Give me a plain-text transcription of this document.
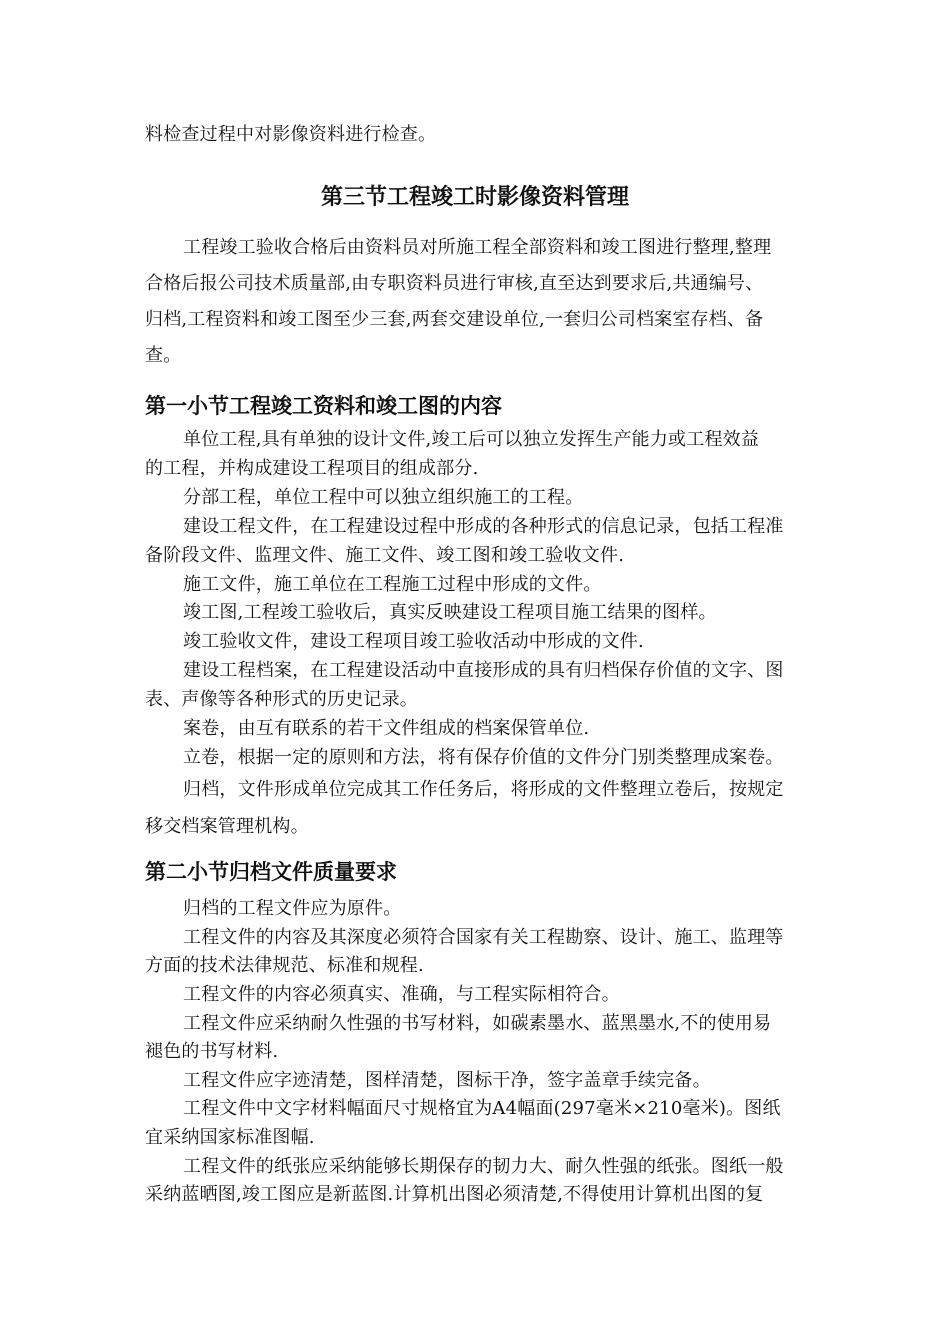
料检查过程中对影像资料进行检查。
第三节工程竣工时影像资料管理
工程竣工验收合格后由资料员对所施工程全部资料和竣工图进行整理,整理
合格后报公司技术质量部,由专职资料员进行审核,直至达到要求后,共通编号、
归档,工程资料和竣工图至少三套,两套交建设单位,一套归公司档案室存档、备
查。
第一小节工程竣工资料和竣工图的内容
单位工程,具有单独的设计文件,竣工后可以独立发挥生产能力或工程效益
的工程，并构成建设工程项目的组成部分.
分部工程，单位工程中可以独立组织施工的工程。
建设工程文件，在工程建设过程中形成的各种形式的信息记录，包括工程准
备阶段文件、监理文件、施工文件、竣工图和竣工验收文件.
施工文件，施工单位在工程施工过程中形成的文件。
竣工图,工程竣工验收后，真实反映建设工程项目施工结果的图样。
竣工验收文件，建设工程项目竣工验收活动中形成的文件.
建设工程档案，在工程建设活动中直接形成的具有归档保存价值的文字、图
表、声像等各种形式的历史记录。
案卷，由互有联系的若干文件组成的档案保管单位.
立卷，根据一定的原则和方法，将有保存价值的文件分门别类整理成案卷。
归档，文件形成单位完成其工作任务后，将形成的文件整理立卷后，按规定
移交档案管理机构。
第二小节归档文件质量要求
归档的工程文件应为原件。
工程文件的内容及其深度必须符合国家有关工程勘察、设计、施工、监理等
方面的技术法律规范、标准和规程.
工程文件的内容必须真实、准确，与工程实际相符合。
工程文件应采纳耐久性强的书写材料，如碳素墨水、蓝黑墨水,不的使用易
褪色的书写材料.
工程文件应字迹清楚，图样清楚，图标干净，签字盖章手续完备。
工程文件中文字材料幅面尺寸规格宜为A4幅面(297毫米×210毫米)。图纸
宜采纳国家标准图幅.
工程文件的纸张应采纳能够长期保存的韧力大、耐久性强的纸张。图纸一般
采纳蓝晒图,竣工图应是新蓝图.计算机出图必须清楚,不得使用计算机出图的复
